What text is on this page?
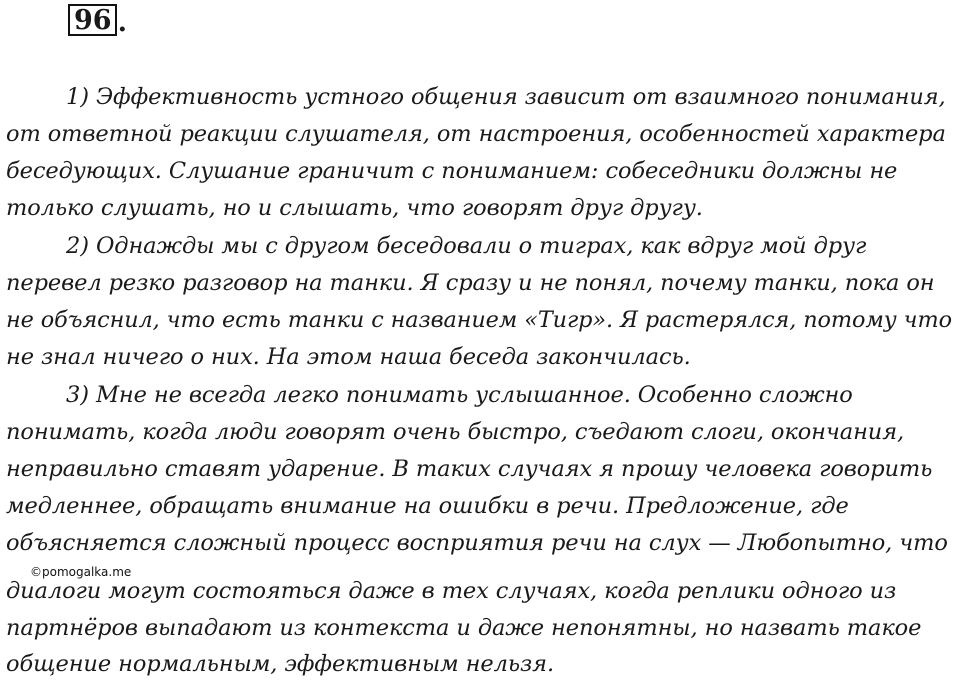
96 .
1) Эффективность устного общения зависит от взаимного понимания,
от ответной реакции слушателя, от настроения, особенностей характера
беседующих. Слушание граничит с пониманием: собеседники должны не
только слушать, но и слышать, что говорят друг другу.
2) Однажды мы с другом беседовали о тиграх, как вдруг мой друг
перевел резко разговор на танки. Я сразу и не понял, почему танки, пока он
не объяснил, что есть танки с названием «Тигр». Я растерялся, потому что
не знал ничего о них. На этом наша беседа закончилась.
3) Мне не всегда легко понимать услышанное. Особенно сложно
понимать, когда люди говорят очень быстро, съедают слоги, окончания,
неправильно ставят ударение. В таких случаях я прошу человека говорить
медленнее, обращать внимание на ошибки в речи. Предложение, где
объясняется сложный процесс восприятия речи на слух — Любопытно, что
диалоги могут состояться даже в тех случаях, когда реплики одного из
партнёров выпадают из контекста и даже непонятны, но назвать такое
общение нормальным, эффективным нельзя.
©pomogalka.me
